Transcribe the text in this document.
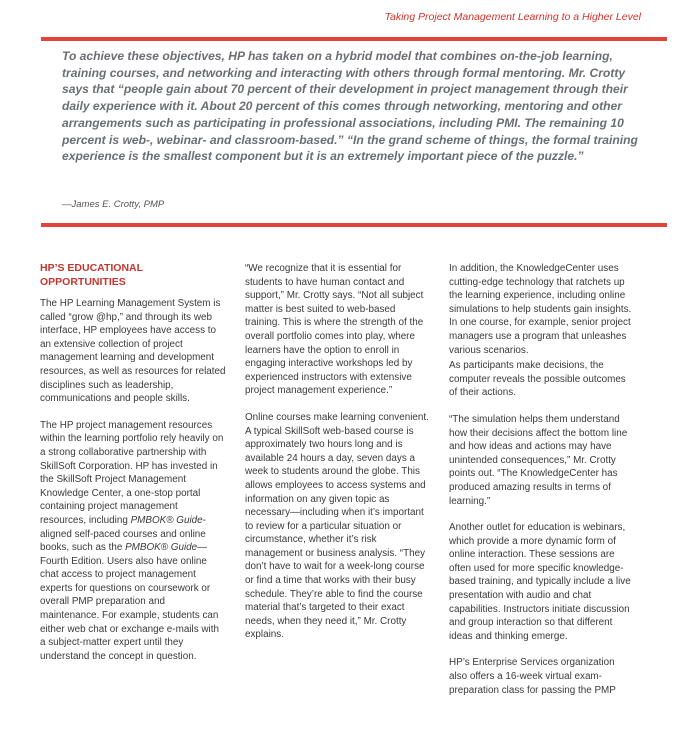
Taking Project Management Learning to a Higher Level

To achieve these objectives, HP has taken on a hybrid model that combines on-the-job learning, training courses, and networking and interacting with others through formal mentoring. Mr. Crotty says that “people gain about 70 percent of their development in project management through their daily experience with it. About 20 percent of this comes through networking, mentoring and other arrangements such as participating in professional associations, including PMI. The remaining 10 percent is web-, webinar- and classroom-based.” “In the grand scheme of things, the formal training experience is the smallest component but it is an extremely important piece of the puzzle.”

—James E. Crotty, PMP
HP’S EDUCATIONAL OPPORTUNITIES

The HP Learning Management System is called “grow @hp,” and through its web interface, HP employees have access to an extensive collection of project management learning and development resources, as well as resources for related disciplines such as leadership, communications and people skills.

The HP project management resources within the learning portfolio rely heavily on a strong collaborative partnership with SkillSoft Corporation. HP has invested in the SkillSoft Project Management Knowledge Center, a one-stop portal containing project management resources, including PMBOK® Guide-aligned self-paced courses and online books, such as the PMBOK® Guide—Fourth Edition. Users also have online chat access to project management experts for questions on coursework or overall PMP preparation and maintenance. For example, students can either web chat or exchange e-mails with a subject-matter expert until they understand the concept in question.

“We recognize that it is essential for students to have human contact and support,” Mr. Crotty says. “Not all subject matter is best suited to web-based training. This is where the strength of the overall portfolio comes into play, where learners have the option to enroll in engaging interactive workshops led by experienced instructors with extensive project management experience.”

Online courses make learning convenient. A typical SkillSoft web-based course is approximately two hours long and is available 24 hours a day, seven days a week to students around the globe. This allows employees to access systems and information on any given topic as necessary—including when it’s important to review for a particular situation or circumstance, whether it’s risk management or business analysis. “They don’t have to wait for a week-long course or find a time that works with their busy schedule. They’re able to find the course material that’s targeted to their exact needs, when they need it,” Mr. Crotty explains.

In addition, the KnowledgeCenter uses cutting-edge technology that ratchets up the learning experience, including online simulations to help students gain insights. In one course, for example, senior project managers use a program that unleashes various scenarios.

As participants make decisions, the computer reveals the possible outcomes of their actions.

“The simulation helps them understand how their decisions affect the bottom line and how ideas and actions may have unintended consequences,” Mr. Crotty points out. “The KnowledgeCenter has produced amazing results in terms of learning.”

Another outlet for education is webinars, which provide a more dynamic form of online interaction. These sessions are often used for more specific knowledge-based training, and typically include a live presentation with audio and chat capabilities. Instructors initiate discussion and group interaction so that different ideas and thinking emerge.

HP’s Enterprise Services organization also offers a 16-week virtual exam-preparation class for passing the PMP
